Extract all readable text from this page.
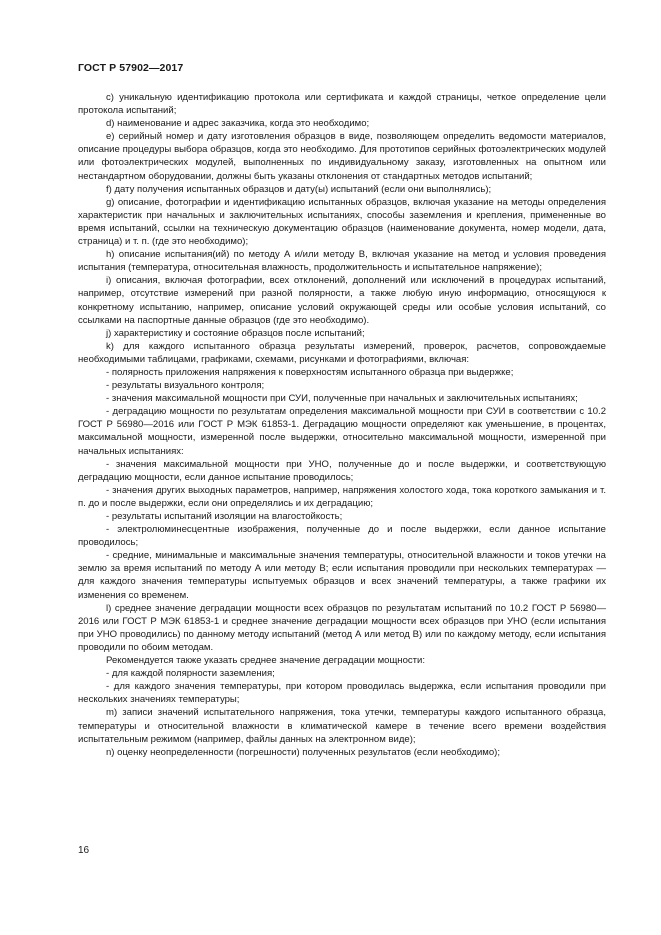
ГОСТ Р 57902—2017

c) уникальную идентификацию протокола или сертификата и каждой страницы, четкое определение цели протокола испытаний;

d) наименование и адрес заказчика, когда это необходимо;

e) серийный номер и дату изготовления образцов в виде, позволяющем определить ведомости материалов, описание процедуры выбора образцов, когда это необходимо. Для прототипов серийных фотоэлектрических модулей или фотоэлектрических модулей, выполненных по индивидуальному заказу, изготовленных на опытном или нестандартном оборудовании, должны быть указаны отклонения от стандартных методов испытаний;

f) дату получения испытанных образцов и дату(ы) испытаний (если они выполнялись);

g) описание, фотографии и идентификацию испытанных образцов, включая указание на методы определения характеристик при начальных и заключительных испытаниях, способы заземления и крепления, примененные во время испытаний, ссылки на техническую документацию образцов (наименование документа, номер модели, дата, страница) и т. п. (где это необходимо);

h) описание испытания(ий) по методу А и/или методу В, включая указание на метод и условия проведения испытания (температура, относительная влажность, продолжительность и испытательное напряжение);

i) описания, включая фотографии, всех отклонений, дополнений или исключений в процедурах испытаний, например, отсутствие измерений при разной полярности, а также любую иную информацию, относящуюся к конкретному испытанию, например, описание условий окружающей среды или особые условия испытаний, со ссылками на паспортные данные образцов (где это необходимо).

j) характеристику и состояние образцов после испытаний;

k) для каждого испытанного образца результаты измерений, проверок, расчетов, сопровождаемые необходимыми таблицами, графиками, схемами, рисунками и фотографиями, включая:

- полярность приложения напряжения к поверхностям испытанного образца при выдержке;

- результаты визуального контроля;

- значения максимальной мощности при СУИ, полученные при начальных и заключительных испытаниях;

- деградацию мощности по результатам определения максимальной мощности при СУИ в соответствии с 10.2 ГОСТ Р 56980—2016 или ГОСТ Р МЭК 61853-1. Деградацию мощности определяют как уменьшение, в процентах, максимальной мощности, измеренной после выдержки, относительно максимальной мощности, измеренной при начальных испытаниях:

- значения максимальной мощности при УНО, полученные до и после выдержки, и соответствующую деградацию мощности, если данное испытание проводилось;

- значения других выходных параметров, например, напряжения холостого хода, тока короткого замыкания и т. п. до и после выдержки, если они определялись и их деградацию;

- результаты испытаний изоляции на влагостойкость;

- электролюминесцентные изображения, полученные до и после выдержки, если данное испытание проводилось;

- средние, минимальные и максимальные значения температуры, относительной влажности и токов утечки на землю за время испытаний по методу А или методу В; если испытания проводили при нескольких температурах — для каждого значения температуры испытуемых образцов и всех значений температуры, а также графики их изменения со временем.

l) среднее значение деградации мощности всех образцов по результатам испытаний по 10.2 ГОСТ Р 56980—2016 или ГОСТ Р МЭК 61853-1 и среднее значение деградации мощности всех образцов при УНО (если испытания при УНО проводились) по данному методу испытаний (метод А или метод В) или по каждому методу, если испытания проводили по обоим методам.

Рекомендуется также указать среднее значение деградации мощности:

- для каждой полярности заземления;

- для каждого значения температуры, при котором проводилась выдержка, если испытания проводили при нескольких значениях температуры;

m) записи значений испытательного напряжения, тока утечки, температуры каждого испытанного образца, температуры и относительной влажности в климатической камере в течение всего времени воздействия испытательным режимом (например, файлы данных на электронном виде);

n) оценку неопределенности (погрешности) полученных результатов (если необходимо);

16
